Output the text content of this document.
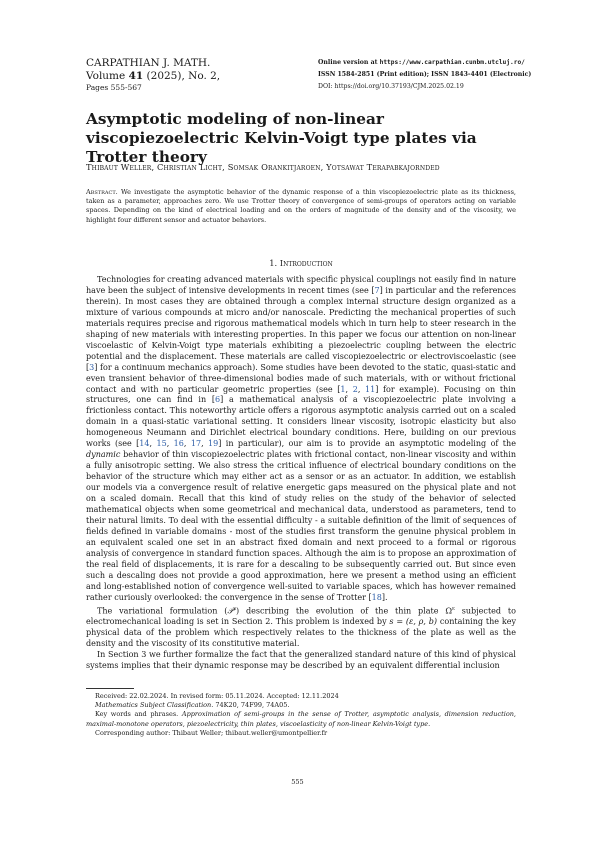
CARPATHIAN J. MATH.
Volume 41 (2025), No. 2,
Pages 555-567
Online version at https://www.carpathian.cunbm.utcluj.ro/
ISSN 1584-2851 (Print edition); ISSN 1843-4401 (Electronic)
DOI: https://doi.org/10.37193/CJM.2025.02.19
Asymptotic modeling of non-linear viscopiezoelectric Kelvin-Voigt type plates via Trotter theory
Thibaut Weller, Christian Licht, Somsak Orankitjaroen, Yotsawat Terapabkajornded
Abstract. We investigate the asymptotic behavior of the dynamic response of a thin viscopiezoelectric plate as its thickness, taken as a parameter, approaches zero. We use Trotter theory of convergence of semi-groups of operators acting on variable spaces. Depending on the kind of electrical loading and on the orders of magnitude of the density and of the viscosity, we highlight four different sensor and actuator behaviors.
1. Introduction

Technologies for creating advanced materials with specific physical couplings not easily find in nature have been the subject of intensive developments in recent times (see [7] in particular and the references therein). In most cases they are obtained through a complex internal structure design organized as a mixture of various compounds at micro and/or nanoscale. Predicting the mechanical properties of such materials requires precise and rigorous mathematical models which in turn help to steer research in the shaping of new materials with interesting properties. In this paper we focus our attention on non-linear viscoelastic of Kelvin-Voigt type materials exhibiting a piezoelectric coupling between the electric potential and the displacement. These materials are called viscopiezoelectric or electroviscoelastic (see [3] for a continuum mechanics approach). Some studies have been devoted to the static, quasi-static and even transient behavior of three-dimensional bodies made of such materials, with or without frictional contact and with no particular geometric properties (see [1, 2, 11] for example). Focusing on thin structures, one can find in [6] a mathematical analysis of a viscopiezoelectric plate involving a frictionless contact. This noteworthy article offers a rigorous asymptotic analysis carried out on a scaled domain in a quasi-static variational setting. It considers linear viscosity, isotropic elasticity but also homogeneous Neumann and Dirichlet electrical boundary conditions. Here, building on our previous works (see [14, 15, 16, 17, 19] in particular), our aim is to provide an asymptotic modeling of the dynamic behavior of thin viscopiezoelectric plates with frictional contact, non-linear viscosity and within a fully anisotropic setting. We also stress the critical influence of electrical boundary conditions on the behavior of the structure which may either act as a sensor or as an actuator. In addition, we establish our models via a convergence result of relative energetic gaps measured on the physical plate and not on a scaled domain. Recall that this kind of study relies on the study of the behavior of selected mathematical objects when some geometrical and mechanical data, understood as parameters, tend to their natural limits. To deal with the essential difficulty - a suitable definition of the limit of sequences of fields defined in variable domains - most of the studies first transform the genuine physical problem in an equivalent scaled one set in an abstract fixed domain and next proceed to a formal or rigorous analysis of convergence in standard function spaces. Although the aim is to propose an approximation of the real field of displacements, it is rare for a descaling to be subsequently carried out. But since even such a descaling does not provide a good approximation, here we present a method using an efficient and long-established notion of convergence well-suited to variable spaces, which has however remained rather curiously overlooked: the convergence in the sense of Trotter [18].

The variational formulation (𝒫$^s$) describing the evolution of the thin plate $\Omega^\varepsilon$ subjected to electromechanical loading is set in Section 2. This problem is indexed by s = (ε, ρ, b) containing the key physical data of the problem which respectively relates to the thickness of the plate as well as the density and the viscosity of its constitutive material.

In Section 3 we further formalize the fact that the generalized standard nature of this kind of physical systems implies that their dynamic response may be described by an equivalent differential inclusion

Received: 22.02.2024. In revised form: 05.11.2024. Accepted: 12.11.2024

Mathematics Subject Classification. 74K20, 74F99, 74A05.

Key words and phrases. Approximation of semi-groups in the sense of Trotter, asymptotic analysis, dimension reduction, maximal-monotone operators, piezoelectricity, thin plates, viscoelasticity of non-linear Kelvin-Voigt type.

Corresponding author: Thibaut Weller; thibaut.weller@umontpellier.fr

555
